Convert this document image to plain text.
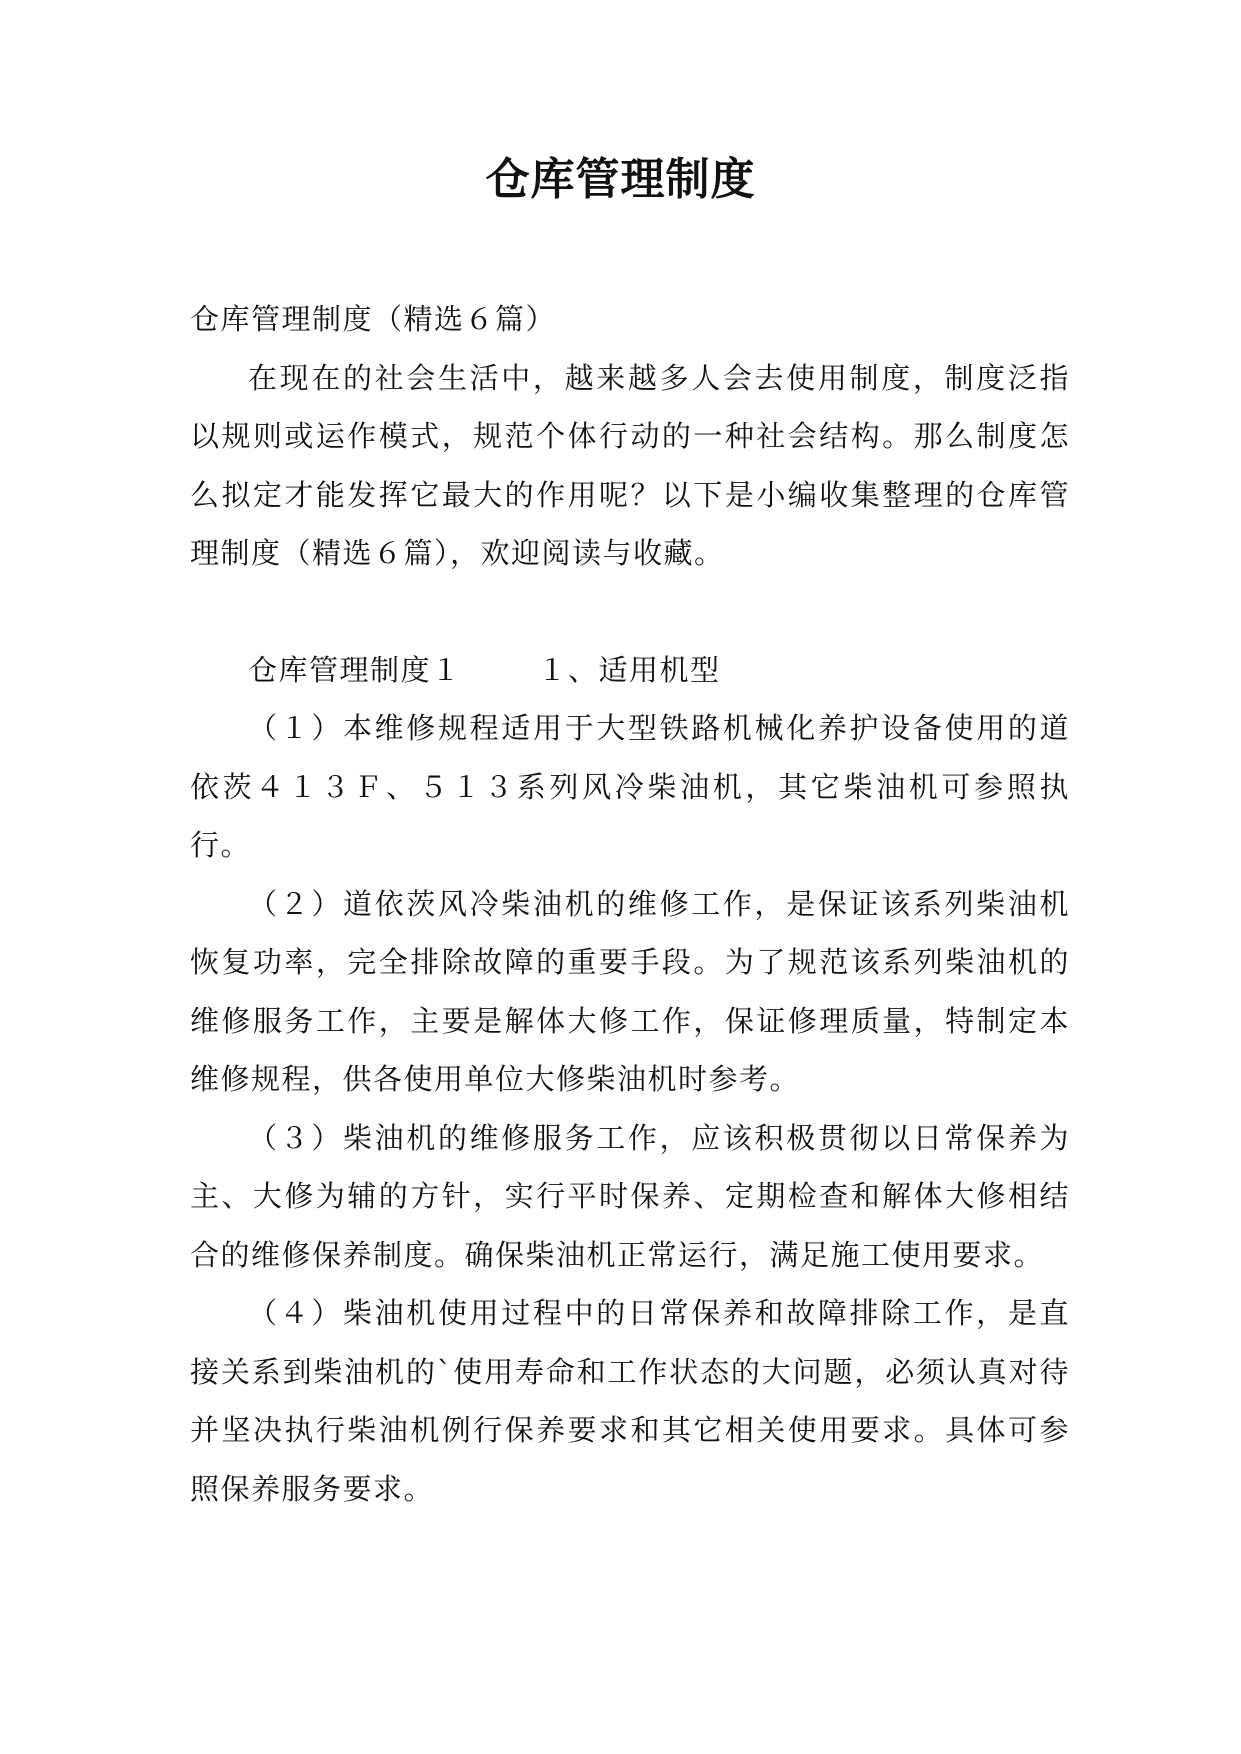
仓库管理制度

仓库管理制度（精选６篇）

在现在的社会生活中，越来越多人会去使用制度，制度泛指以规则或运作模式，规范个体行动的一种社会结构。那么制度怎么拟定才能发挥它最大的作用呢？以下是小编收集整理的仓库管理制度（精选６篇），欢迎阅读与收藏。

仓库管理制度１	１、适用机型

（１）本维修规程适用于大型铁路机械化养护设备使用的道依茨４１３Ｆ、５１３系列风冷柴油机，其它柴油机可参照执行。

（２）道依茨风冷柴油机的维修工作，是保证该系列柴油机恢复功率，完全排除故障的重要手段。为了规范该系列柴油机的维修服务工作，主要是解体大修工作，保证修理质量，特制定本维修规程，供各使用单位大修柴油机时参考。

（３）柴油机的维修服务工作，应该积极贯彻以日常保养为主、大修为辅的方针，实行平时保养、定期检查和解体大修相结合的维修保养制度。确保柴油机正常运行，满足施工使用要求。

（４）柴油机使用过程中的日常保养和故障排除工作，是直接关系到柴油机的`使用寿命和工作状态的大问题，必须认真对待并坚决执行柴油机例行保养要求和其它相关使用要求。具体可参照保养服务要求。
